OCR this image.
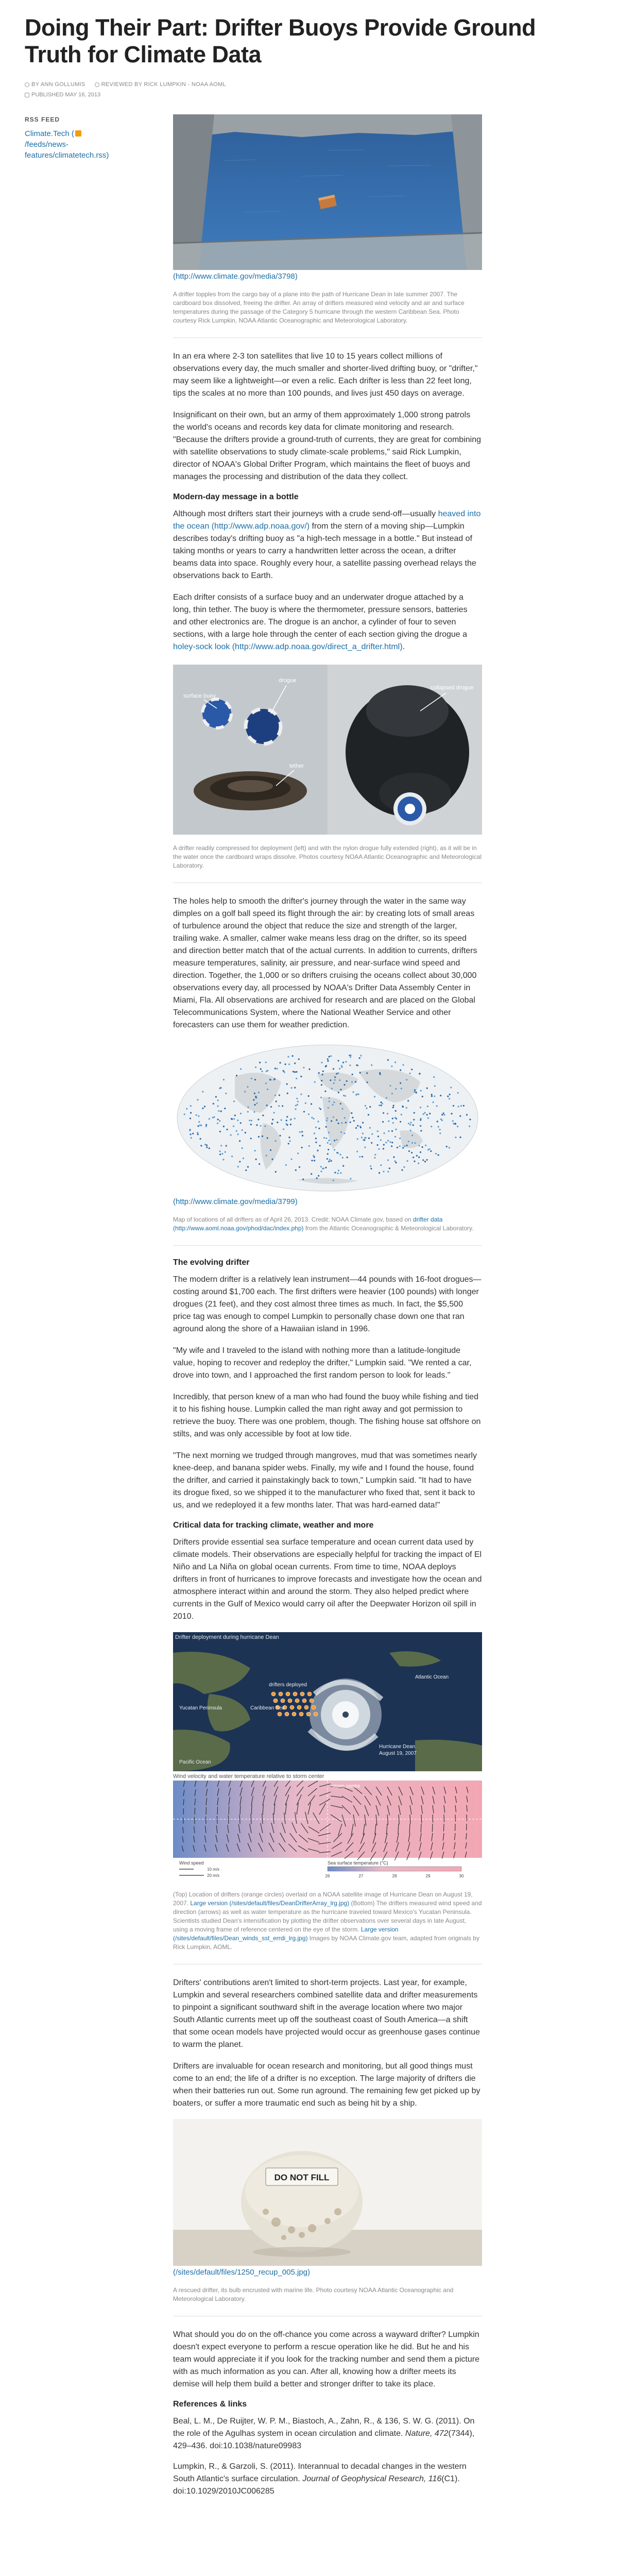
Doing Their Part: Drifter Buoys Provide Ground Truth for Climate Data
BY ANN GOLLUMIS	REVIEWED BY RICK LUMPKIN - NOAA AOML
PUBLISHED MAY 16, 2013
RSS FEED
Climate.Tech (
/feeds/news-features/climatetech.rss)
(http://www.climate.gov/media/3798)
A drifter topples from the cargo bay of a plane into the path of Hurricane Dean in late summer 2007. The cardboard box dissolved, freeing the drifter. An array of drifters measured wind velocity and air and surface temperatures during the passage of the Category 5 hurricane through the western Caribbean Sea. Photo courtesy Rick Lumpkin, NOAA Atlantic Oceanographic and Meteorological Laboratory.

In an era where 2-3 ton satellites that live 10 to 15 years collect millions of observations every day, the much smaller and shorter-lived drifting buoy, or "drifter," may seem like a lightweight—or even a relic. Each drifter is less than 22 feet long, tips the scales at no more than 100 pounds, and lives just 450 days on average.

Insignificant on their own, but an army of them approximately 1,000 strong patrols the world's oceans and records key data for climate monitoring and research. "Because the drifters provide a ground-truth of currents, they are great for combining with satellite observations to study climate-scale problems," said Rick Lumpkin, director of NOAA's Global Drifter Program, which maintains the fleet of buoys and manages the processing and distribution of the data they collect.

Modern-day message in a bottle

Although most drifters start their journeys with a crude send-off—usually heaved into the ocean (http://www.adp.noaa.gov/) from the stern of a moving ship—Lumpkin describes today's drifting buoy as "a high-tech message in a bottle." But instead of taking months or years to carry a handwritten letter across the ocean, a drifter beams data into space. Roughly every hour, a satellite passing overhead relays the observations back to Earth.

Each drifter consists of a surface buoy and an underwater drogue attached by a long, thin tether. The buoy is where the thermometer, pressure sensors, batteries and other electronics are. The drogue is an anchor, a cylinder of four to seven sections, with a large hole through the center of each section giving the drogue a holey-sock look (http://www.adp.noaa.gov/direct_a_drifter.html).

surface buoy
drogue
tether
collapsed drogue
A drifter readily compressed for deployment (left) and with the nylon drogue fully extended (right), as it will be in the water once the cardboard wraps dissolve. Photos courtesy NOAA Atlantic Oceanographic and Meteorological Laboratory.

The holes help to smooth the drifter's journey through the water in the same way dimples on a golf ball speed its flight through the air: by creating lots of small areas of turbulence around the object that reduce the size and strength of the larger, trailing wake. A smaller, calmer wake means less drag on the drifter, so its speed and direction better match that of the actual currents. In addition to currents, drifters measure temperatures, salinity, air pressure, and near-surface wind speed and direction. Together, the 1,000 or so drifters cruising the oceans collect about 30,000 observations every day, all processed by NOAA's Drifter Data Assembly Center in Miami, Fla. All observations are archived for research and are placed on the Global Telecommunications System, where the National Weather Service and other forecasters can use them for weather prediction.

(http://www.climate.gov/media/3799)
Map of locations of all drifters as of April 26, 2013. Credit: NOAA Climate.gov, based on drifter data (http://www.aoml.noaa.gov/phod/dac/index.php) from the Atlantic Oceanographic & Meteorological Laboratory.
The evolving drifter

The modern drifter is a relatively lean instrument—44 pounds with 16-foot drogues—costing around $1,700 each. The first drifters were heavier (100 pounds) with longer drogues (21 feet), and they cost almost three times as much. In fact, the $5,500 price tag was enough to compel Lumpkin to personally chase down one that ran aground along the shore of a Hawaiian island in 1996.

"My wife and I traveled to the island with nothing more than a latitude-longitude value, hoping to recover and redeploy the drifter," Lumpkin said. "We rented a car, drove into town, and I approached the first random person to look for leads."

Incredibly, that person knew of a man who had found the buoy while fishing and tied it to his fishing house. Lumpkin called the man right away and got permission to retrieve the buoy. There was one problem, though. The fishing house sat offshore on stilts, and was only accessible by foot at low tide.

"The next morning we trudged through mangroves, mud that was sometimes nearly knee-deep, and banana spider webs. Finally, my wife and I found the house, found the drifter, and carried it painstakingly back to town," Lumpkin said. "It had to have its drogue fixed, so we shipped it to the manufacturer who fixed that, sent it back to us, and we redeployed it a few months later. That was hard-earned data!"

Critical data for tracking climate, weather and more

Drifters provide essential sea surface temperature and ocean current data used by climate models. Their observations are especially helpful for tracking the impact of El Niño and La Niña on global ocean currents. From time to time, NOAA deploys drifters in front of hurricanes to improve forecasts and investigate how the ocean and atmosphere interact within and around the storm. They also helped predict where currents in the Gulf of Mexico would carry oil after the Deepwater Horizon oil spill in 2010.

Drifter deployment during hurricane Dean
Atlantic Ocean
Caribbean Sea
Yucatan Peninsula
Pacific Ocean
drifters deployed
Hurricane Dean
August 19, 2007
Wind velocity and water temperature relative to storm center
storm centre
Sea surface temperature (°C)
26	27	28	29	30
Wind speed
10 m/s
20 m/s
(Top) Location of drifters (orange circles) overlaid on a NOAA satellite image of Hurricane Dean on August 19, 2007. Large version (/sites/default/files/DeanDrifterArray_lrg.jpg) (Bottom) The drifters measured wind speed and direction (arrows) as well as water temperature as the hurricane traveled toward Mexico's Yucatan Peninsula. Scientists studied Dean's intensification by plotting the drifter observations over several days in late August, using a moving frame of reference centered on the eye of the storm. Large version (/sites/default/files/Dean_winds_sst_errdi_lrg.jpg) Images by NOAA Climate.gov team, adapted from originals by Rick Lumpkin, AOML.

Drifters' contributions aren't limited to short-term projects. Last year, for example, Lumpkin and several researchers combined satellite data and drifter measurements to pinpoint a significant southward shift in the average location where two major South Atlantic currents meet up off the southeast coast of South America—a shift that some ocean models have projected would occur as greenhouse gases continue to warm the planet.

Drifters are invaluable for ocean research and monitoring, but all good things must come to an end; the life of a drifter is no exception. The large majority of drifters die when their batteries run out. Some run aground. The remaining few get picked up by boaters, or suffer a more traumatic end such as being hit by a ship.

DO NOT FILL
(/sites/default/files/1250_recup_005.jpg)
A rescued drifter, its bulb encrusted with marine life. Photo courtesy NOAA Atlantic Oceanographic and Meteorological Laboratory.

What should you do on the off-chance you come across a wayward drifter? Lumpkin doesn't expect everyone to perform a rescue operation like he did. But he and his team would appreciate it if you look for the tracking number and send them a picture with as much information as you can. After all, knowing how a drifter meets its demise will help them build a better and stronger drifter to take its place.

References & links

Beal, L. M., De Ruijter, W. P. M., Biastoch, A., Zahn, R., & 136, S. W. G. (2011). On the role of the Agulhas system in ocean circulation and climate. Nature, 472(7344), 429–436. doi:10.1038/nature09983

Lumpkin, R., & Garzoli, S. (2011). Interannual to decadal changes in the western South Atlantic's surface circulation. Journal of Geophysical Research, 116(C1). doi:10.1029/2010JC006285
